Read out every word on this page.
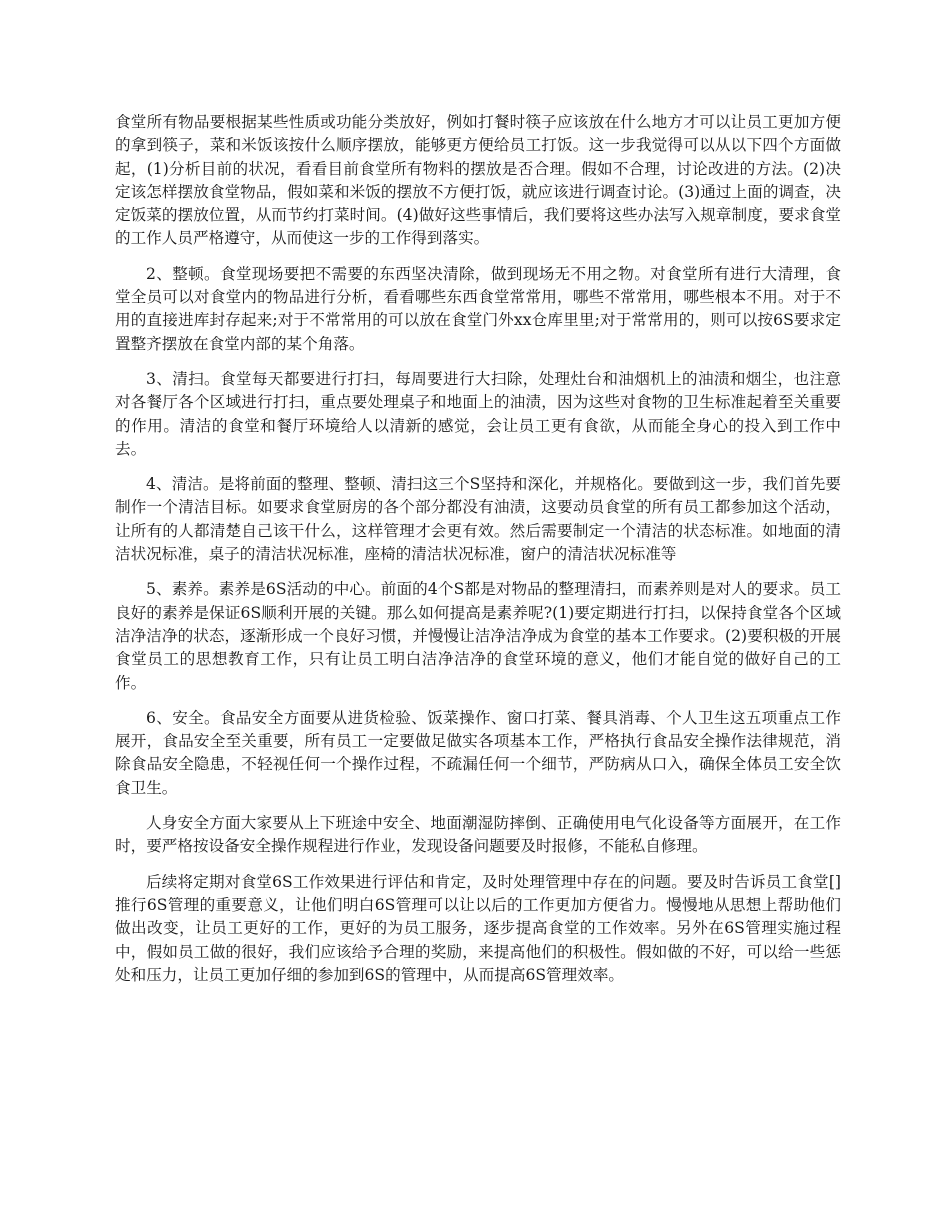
食堂所有物品要根据某些性质或功能分类放好，例如打餐时筷子应该放在什么地方才可以让员工更加方便的拿到筷子，菜和米饭该按什么顺序摆放，能够更方便给员工打饭。这一步我觉得可以从以下四个方面做起，(1)分析目前的状况，看看目前食堂所有物料的摆放是否合理。假如不合理，讨论改进的方法。(2)决定该怎样摆放食堂物品，假如菜和米饭的摆放不方便打饭，就应该进行调查讨论。(3)通过上面的调查，决定饭菜的摆放位置，从而节约打菜时间。(4)做好这些事情后，我们要将这些办法写入规章制度，要求食堂的工作人员严格遵守，从而使这一步的工作得到落实。

2、整顿。食堂现场要把不需要的东西坚决清除，做到现场无不用之物。对食堂所有进行大清理，食堂全员可以对食堂内的物品进行分析，看看哪些东西食堂常常用，哪些不常常用，哪些根本不用。对于不用的直接进库封存起来;对于不常常用的可以放在食堂门外xx仓库里里;对于常常用的，则可以按6S要求定置整齐摆放在食堂内部的某个角落。

3、清扫。食堂每天都要进行打扫，每周要进行大扫除，处理灶台和油烟机上的油渍和烟尘，也注意对各餐厅各个区域进行打扫，重点要处理桌子和地面上的油渍，因为这些对食物的卫生标准起着至关重要的作用。清洁的食堂和餐厅环境给人以清新的感觉，会让员工更有食欲，从而能全身心的投入到工作中去。

4、清洁。是将前面的整理、整顿、清扫这三个S坚持和深化，并规格化。要做到这一步，我们首先要制作一个清洁目标。如要求食堂厨房的各个部分都没有油渍，这要动员食堂的所有员工都参加这个活动，让所有的人都清楚自己该干什么，这样管理才会更有效。然后需要制定一个清洁的状态标准。如地面的清洁状况标准，桌子的清洁状况标准，座椅的清洁状况标准，窗户的清洁状况标准等

5、素养。素养是6S活动的中心。前面的4个S都是对物品的整理清扫，而素养则是对人的要求。员工良好的素养是保证6S顺利开展的关键。那么如何提高是素养呢?(1)要定期进行打扫，以保持食堂各个区域洁净洁净的状态，逐渐形成一个良好习惯，并慢慢让洁净洁净成为食堂的基本工作要求。(2)要积极的开展食堂员工的思想教育工作，只有让员工明白洁净洁净的食堂环境的意义，他们才能自觉的做好自己的工作。

6、安全。食品安全方面要从进货检验、饭菜操作、窗口打菜、餐具消毒、个人卫生这五项重点工作展开，食品安全至关重要，所有员工一定要做足做实各项基本工作，严格执行食品安全操作法律规范，消除食品安全隐患，不轻视任何一个操作过程，不疏漏任何一个细节，严防病从口入，确保全体员工安全饮食卫生。

人身安全方面大家要从上下班途中安全、地面潮湿防摔倒、正确使用电气化设备等方面展开，在工作时，要严格按设备安全操作规程进行作业，发现设备问题要及时报修，不能私自修理。

后续将定期对食堂6S工作效果进行评估和肯定，及时处理管理中存在的问题。要及时告诉员工食堂[]推行6S管理的重要意义，让他们明白6S管理可以让以后的工作更加方便省力。慢慢地从思想上帮助他们做出改变，让员工更好的工作，更好的为员工服务，逐步提高食堂的工作效率。另外在6S管理实施过程中，假如员工做的很好，我们应该给予合理的奖励，来提高他们的积极性。假如做的不好，可以给一些惩处和压力，让员工更加仔细的参加到6S的管理中，从而提高6S管理效率。
